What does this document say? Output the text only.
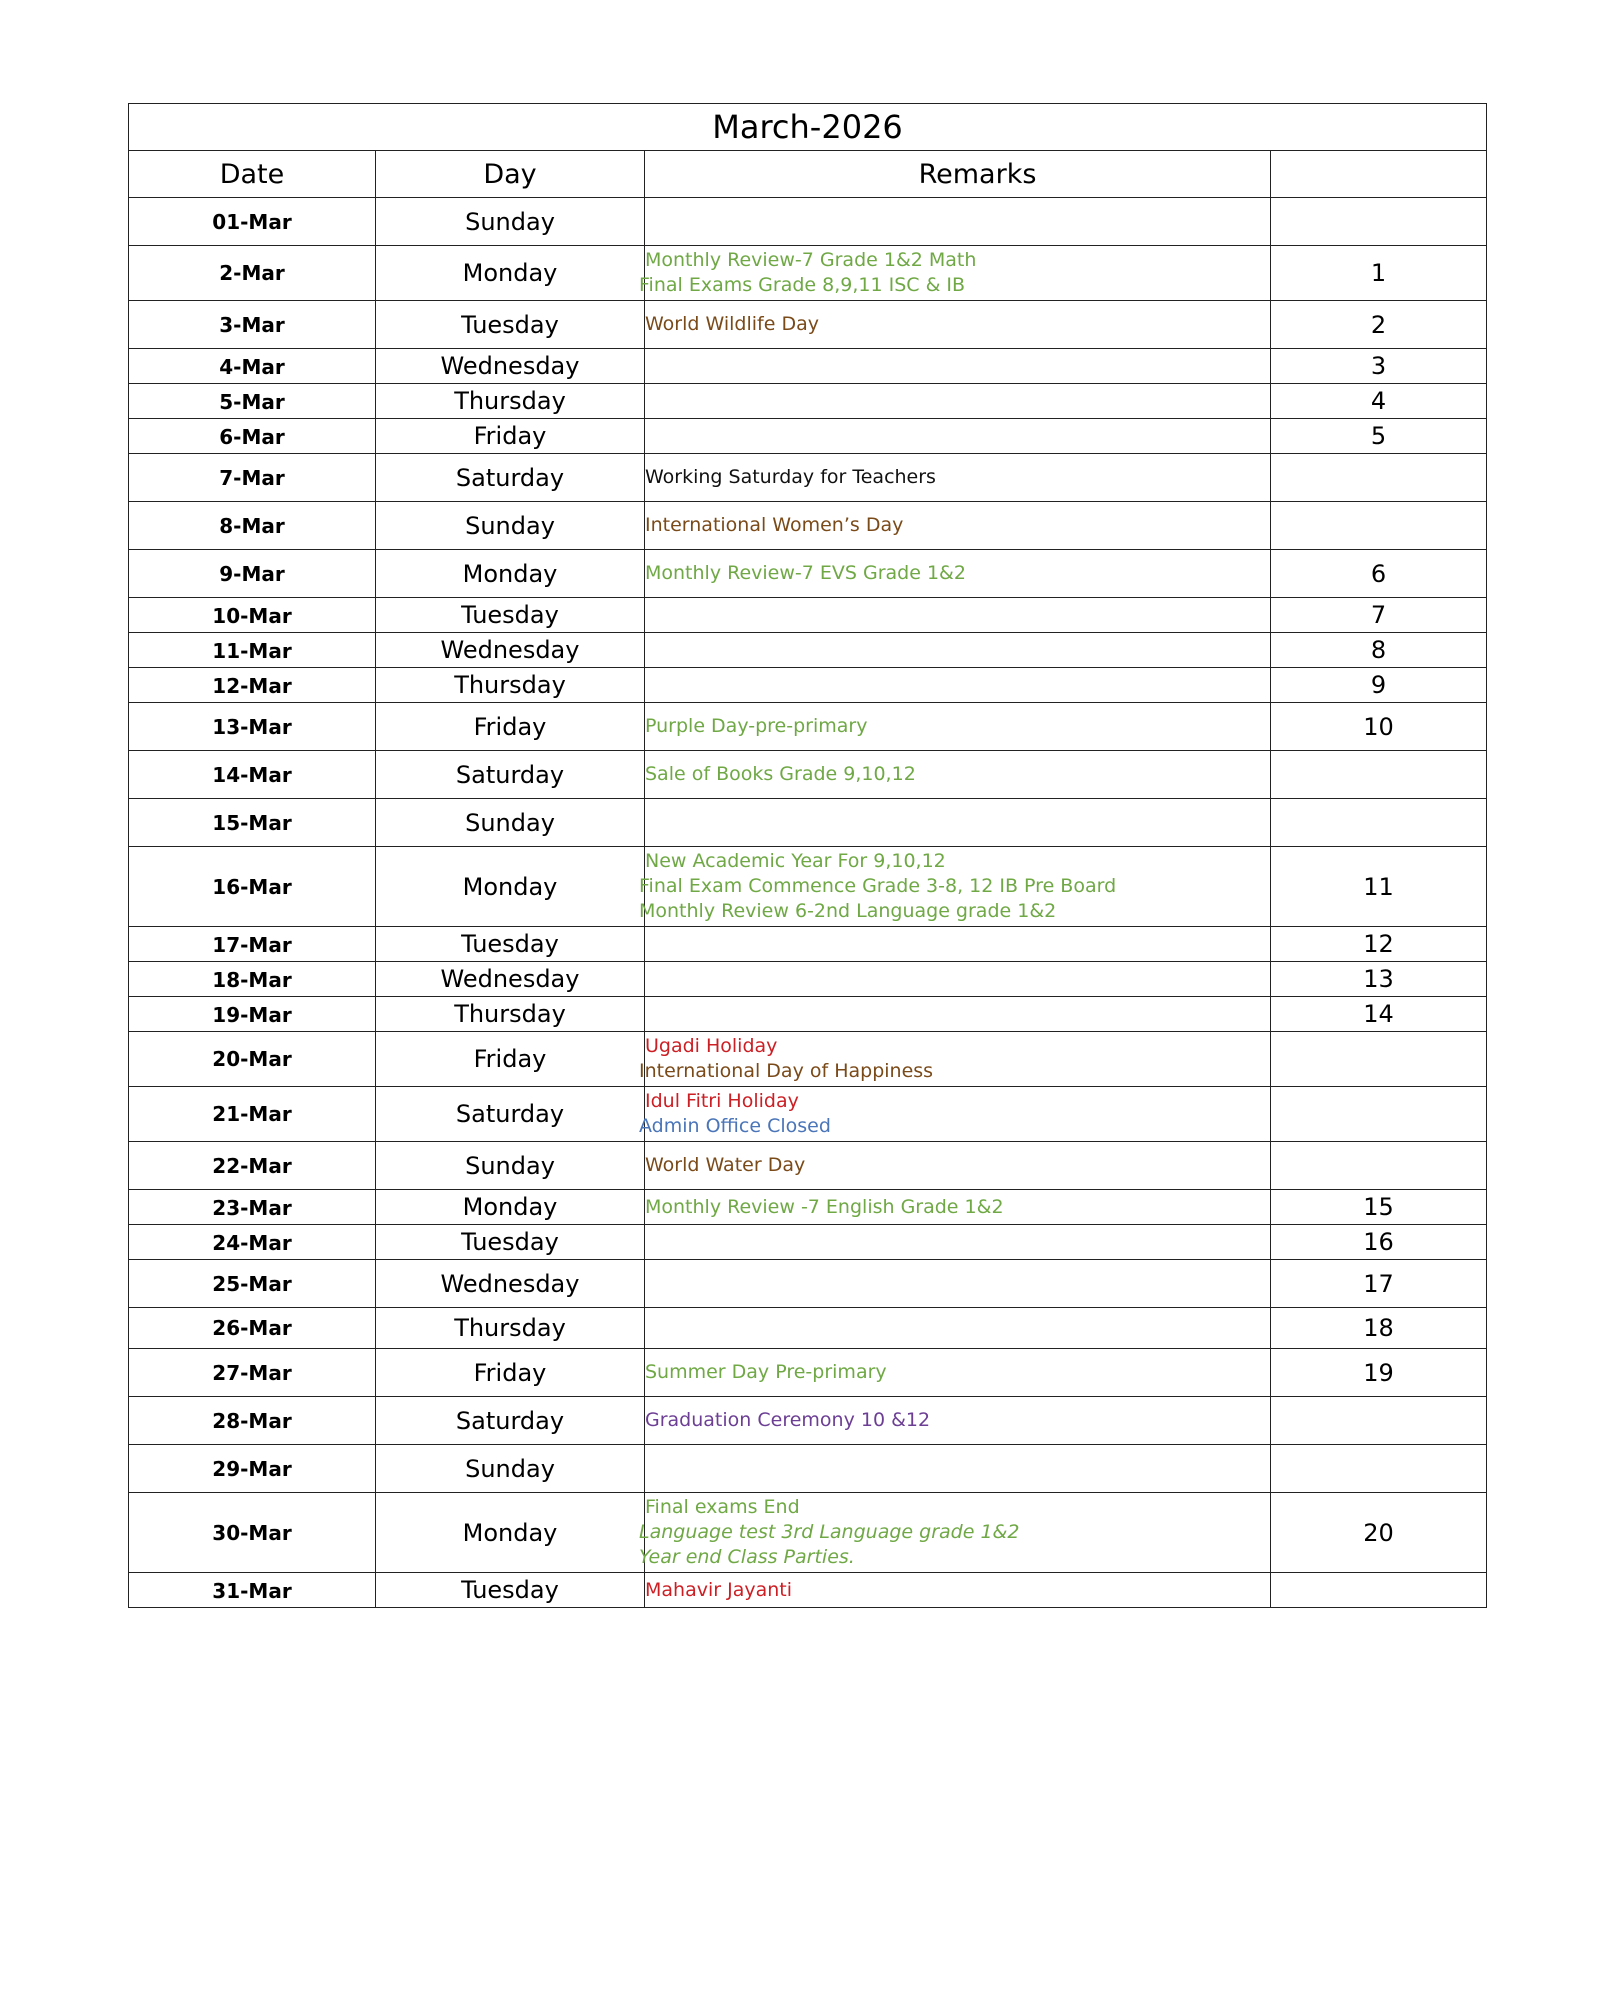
March-2026			
Date	Day	Remarks	
01-Mar	Sunday		
2-Mar	Monday	Monthly Review-7 Grade 1&2 Math
Final Exams Grade 8,9,11 ISC & IB	1
3-Mar	Tuesday	World Wildlife Day	2
4-Mar	Wednesday		3
5-Mar	Thursday		4
6-Mar	Friday		5
7-Mar	Saturday	Working Saturday for Teachers	

8-Mar	Sunday	International Women’s Day	

9-Mar	Monday	Monthly Review-7 EVS Grade 1&2	6
10-Mar	Tuesday		7
11-Mar	Wednesday		8
12-Mar	Thursday		9
13-Mar	Friday	Purple Day-pre-primary	10
14-Mar	Saturday	Sale of Books Grade 9,10,12	

15-Mar	Sunday		
16-Mar	Monday	New Academic Year For 9,10,12
Final Exam Commence Grade 3-8, 12 IB Pre Board
Monthly Review 6-2nd Language grade 1&2	11
17-Mar	Tuesday		12
18-Mar	Wednesday		13
19-Mar	Thursday		14
20-Mar	Friday	Ugadi Holiday
International Day of Happiness	

21-Mar	Saturday	Idul Fitri Holiday
Admin Office Closed	

22-Mar	Sunday	World Water Day	

23-Mar	Monday	Monthly Review -7 English Grade 1&2	15
24-Mar	Tuesday		16
25-Mar	Wednesday		17
26-Mar	Thursday		18
27-Mar	Friday	Summer Day Pre-primary	19
28-Mar	Saturday	Graduation Ceremony 10 &12	

29-Mar	Sunday		
30-Mar	Monday	Final exams End
Language test 3rd Language grade 1&2
Year end Class Parties.	20
31-Mar	Tuesday	Mahavir Jayanti	
